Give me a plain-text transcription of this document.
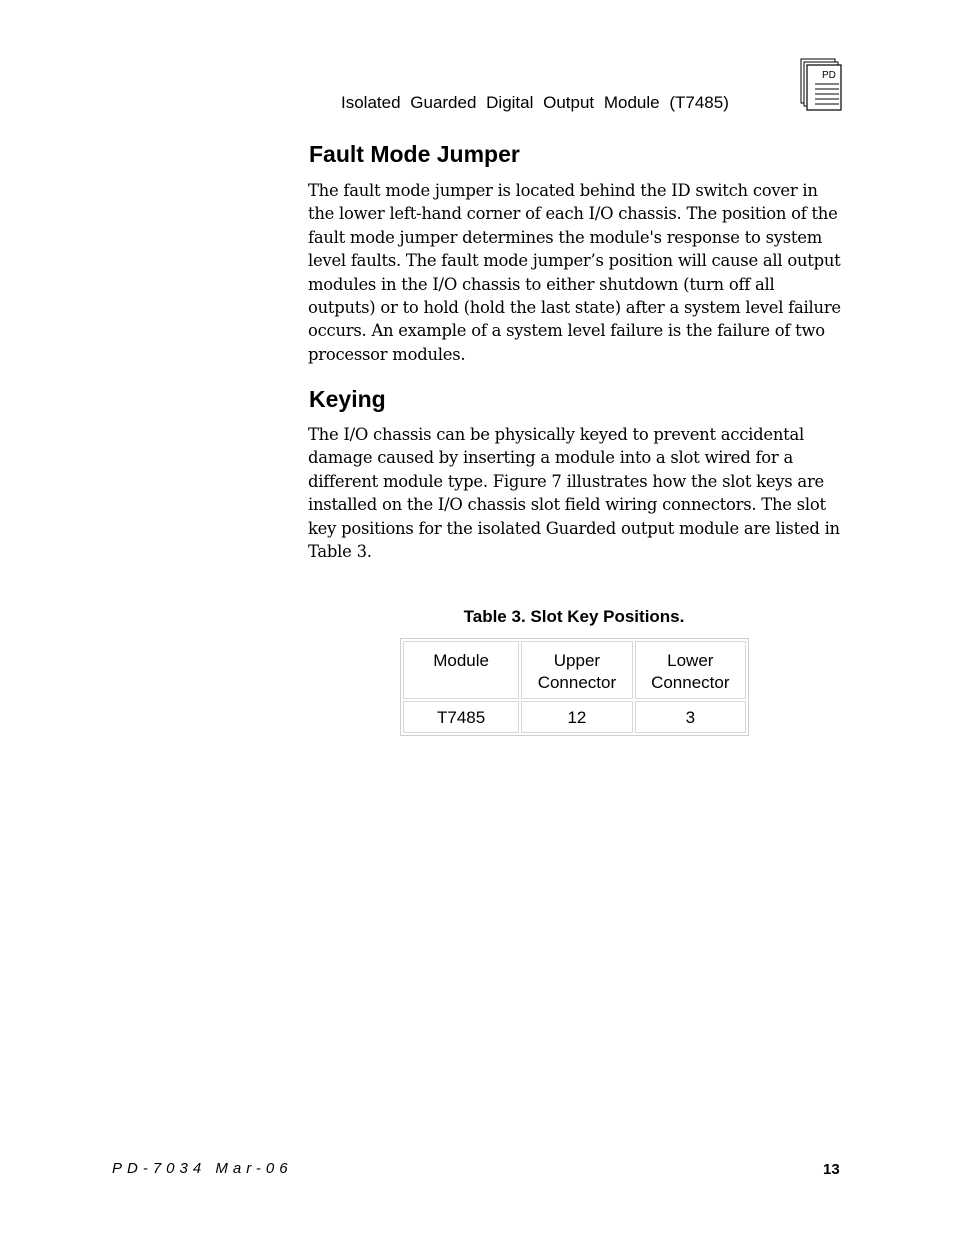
Isolated Guarded Digital Output Module (T7485)
PD
Fault Mode Jumper

The fault mode jumper is located behind the ID switch cover in the lower left-hand corner of each I/O chassis. The position of the fault mode jumper determines the module's response to system level faults. The fault mode jumper’s position will cause all output modules in the I/O chassis to either shutdown (turn off all outputs) or to hold (hold the last state) after a system level failure occurs. An example of a system level failure is the failure of two processor modules.

Keying

The I/O chassis can be physically keyed to prevent accidental damage caused by inserting a module into a slot wired for a different module type. Figure 7 illustrates how the slot keys are installed on the I/O chassis slot field wiring connectors. The slot key positions for the isolated Guarded output module are listed in Table 3.

Table 3. Slot Key Positions.
Module	Upper Connector	Lower Connector
T7485	12	3
PD-7034 Mar-06	13
